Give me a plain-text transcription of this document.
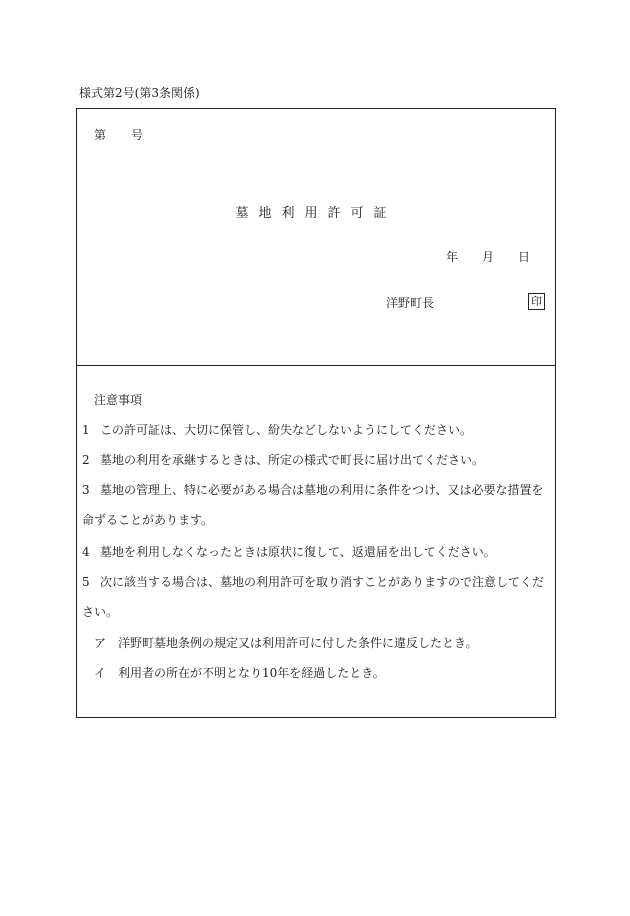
様式第2号(第3条関係)
第 号
墓地利用許可証
年 月 日
洋野町長	印
注意事項
1 この許可証は、大切に保管し、紛失などしないようにしてください。
2 墓地の利用を承継するときは、所定の様式で町長に届け出てください。
3 墓地の管理上、特に必要がある場合は墓地の利用に条件をつけ、又は必要な措置を命ずることがあります。
4 墓地を利用しなくなったときは原状に復して、返還届を出してください。
5 次に該当する場合は、墓地の利用許可を取り消すことがありますので注意してください。
ア 洋野町墓地条例の規定又は利用許可に付した条件に違反したとき。
イ 利用者の所在が不明となり10年を経過したとき。
